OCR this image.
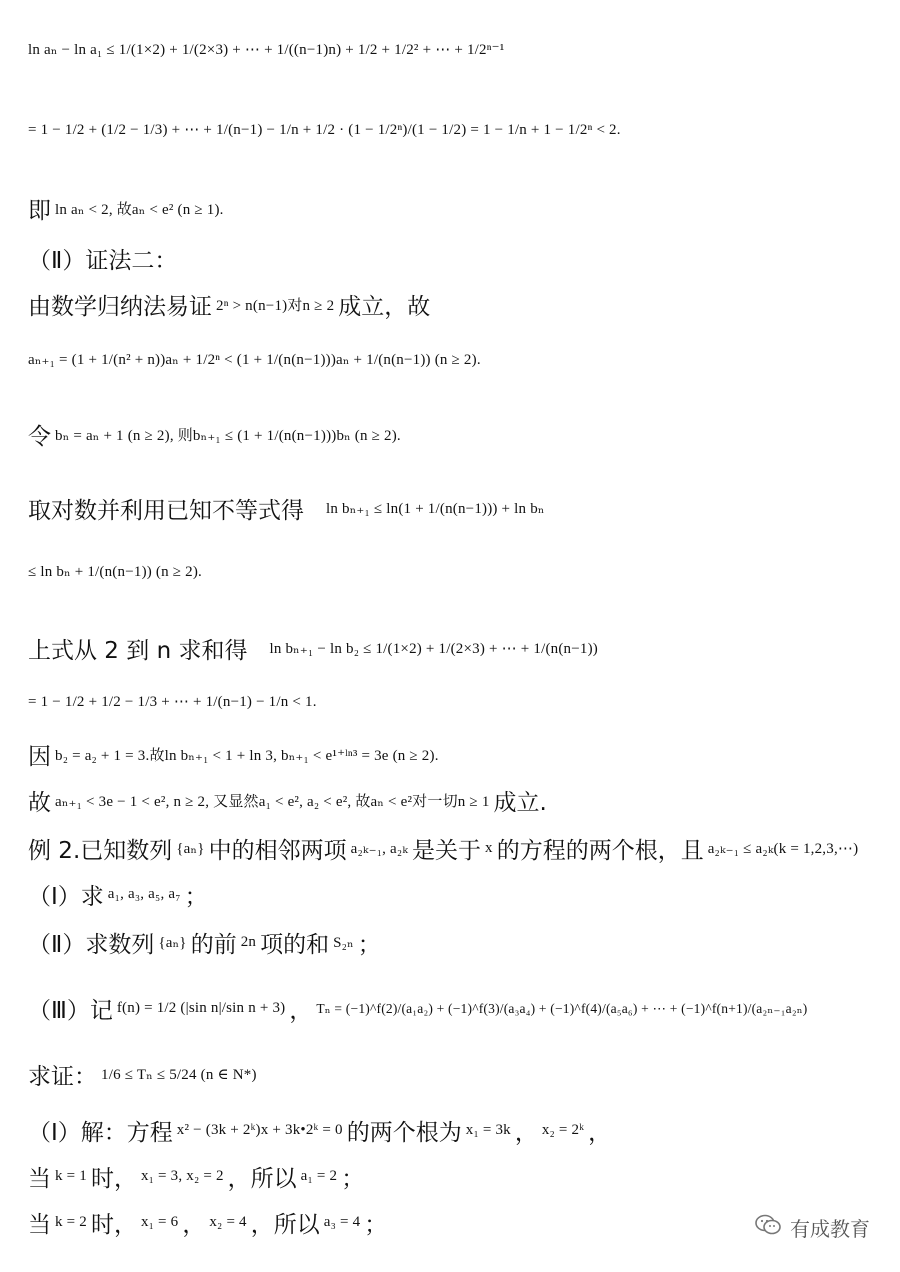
ln aₙ − ln a₁ ≤ 1/(1×2) + 1/(2×3) + ⋯ + 1/((n−1)n) + 1/2 + 1/2² + ⋯ + 1/2ⁿ⁻¹
= 1 − 1/2 + (1/2 − 1/3) + ⋯ + 1/(n−1) − 1/n + 1/2 · (1 − 1/2ⁿ)/(1 − 1/2) = 1 − 1/n + 1 − 1/2ⁿ < 2.
即 ln aₙ < 2, 故aₙ < e² (n ≥ 1).
（Ⅱ）证法二：
由数学归纳法易证 2ⁿ > n(n−1)对n ≥ 2 成立，故
aₙ₊₁ = (1 + 1/(n² + n))aₙ + 1/2ⁿ < (1 + 1/(n(n−1)))aₙ + 1/(n(n−1)) (n ≥ 2).
令 bₙ = aₙ + 1 (n ≥ 2), 则bₙ₊₁ ≤ (1 + 1/(n(n−1)))bₙ (n ≥ 2).
取对数并利用已知不等式得 ln bₙ₊₁ ≤ ln(1 + 1/(n(n−1))) + ln bₙ
≤ ln bₙ + 1/(n(n−1)) (n ≥ 2).
上式从 2 到 n 求和得 ln bₙ₊₁ − ln b₂ ≤ 1/(1×2) + 1/(2×3) + ⋯ + 1/(n(n−1))
= 1 − 1/2 + 1/2 − 1/3 + ⋯ + 1/(n−1) − 1/n < 1.
因 b₂ = a₂ + 1 = 3.故ln bₙ₊₁ < 1 + ln 3, bₙ₊₁ < e¹⁺ˡⁿ³ = 3e (n ≥ 2).
故 aₙ₊₁ < 3e − 1 < e², n ≥ 2, 又显然a₁ < e², a₂ < e², 故aₙ < e²对一切n ≥ 1 成立.
例 2.已知数列 {aₙ} 中的相邻两项 a₂ₖ₋₁, a₂ₖ 是关于 x 的方程的两个根，且 a₂ₖ₋₁ ≤ a₂ₖ(k = 1,2,3,⋯)
（Ⅰ）求 a₁, a₃, a₅, a₇ ；
（Ⅱ）求数列 {aₙ} 的前 2n 项的和 S₂ₙ ；
（Ⅲ）记 f(n) = 1/2 (|sin n|/sin n + 3) ， Tₙ = (−1)^f(2)/(a₁a₂) + (−1)^f(3)/(a₃a₄) + (−1)^f(4)/(a₅a₆) + ⋯ + (−1)^f(n+1)/(a₂ₙ₋₁a₂ₙ)
求证： 1/6 ≤ Tₙ ≤ 5/24 (n ∈ N*)
（Ⅰ）解：方程 x² − (3k + 2ᵏ)x + 3k•2ᵏ = 0 的两个根为 x₁ = 3k ， x₂ = 2ᵏ ，
当 k = 1 时， x₁ = 3, x₂ = 2 ，所以 a₁ = 2 ；
当 k = 2 时， x₁ = 6 ， x₂ = 4 ，所以 a₃ = 4 ；	有成教育
